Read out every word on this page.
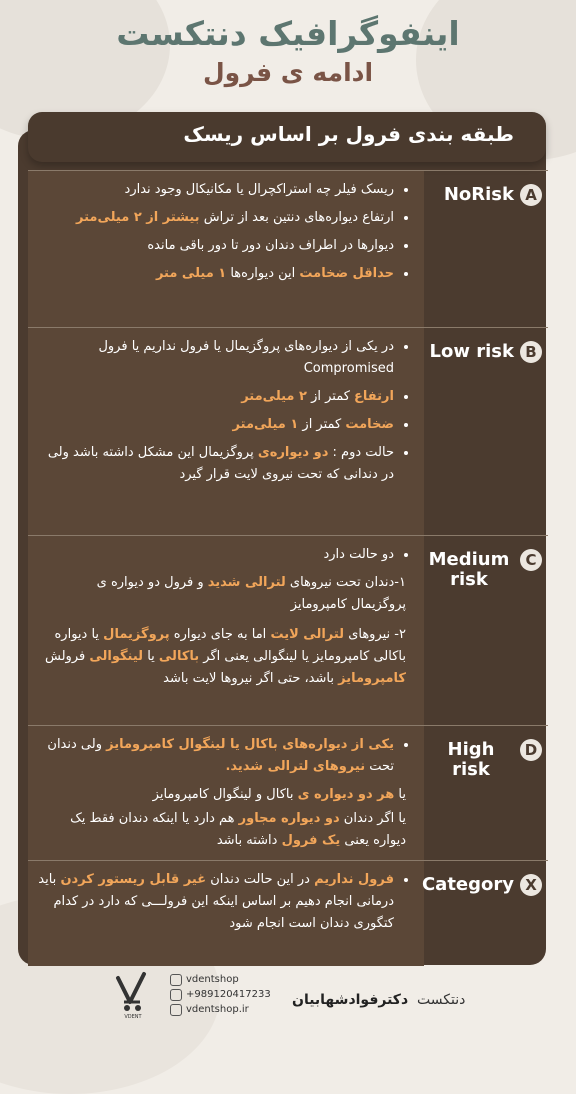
اینفوگرافیک دنتکست
ادامه ی فرول
طبقه بندی فرول بر اساس ریسک
• ریسک فیلر چه استراکچرال یا مکانیکال وجود ندارد
• ارتفاع دیواره‌های دنتین بعد از تراش بیشتر از ۲ میلی‌متر
• دیوارها در اطراف دندان دور تا دور باقی مانده
• حداقل ضخامت این دیواره‌ها ۱ میلی متر
NoRisk A
• در یکی از دیواره‌های پروگزیمال یا فرول نداریم یا فرول Compromised
• ارتفاع کمتر از ۲ میلی‌متر
• ضخامت کمتر از ۱ میلی‌متر
• حالت دوم : دو دیواره‌ی پروگزیمال این مشکل داشته باشد ولی در دندانی که تحت نیروی لایت قرار گیرد
Low risk B
• دو حالت دارد

۱-دندان تحت نیروهای لترالی شدید و فرول دو دیواره ی پروگزیمال کامپرومایز

۲- نیروهای لترالی لایت اما به جای دیواره پروگزیمال یا دیواره باکالی کامپرومایز یا لینگوالی یعنی اگر باکالی یا لینگوالی فرولش کامپرومایز باشد، حتی اگر نیروها لایت باشد

Medium risk
C
• یکی از دیواره‌های باکال یا لینگوال کامپرومایز ولی دندان تحت نیروهای لترالی شدید.

یا هر دو دیواره ی باکال و لینگوال کامپرومایز

یا اگر دندان دو دیواره مجاور هم دارد یا اینکه دندان فقط یک دیواره یعنی یک فرول داشته باشد

High risk
D
• فرول نداریم در این حالت دندان غیر قابل ریستور کردن باید درمانی انجام دهیم بر اساس اینکه این فرولـــی که دارد در کدام کتگوری دندان است انجام شود
Category X
VDENT
vdentshop
+989120417233
vdentshop.ir
دنتکست  دکترفوادشهابیان
